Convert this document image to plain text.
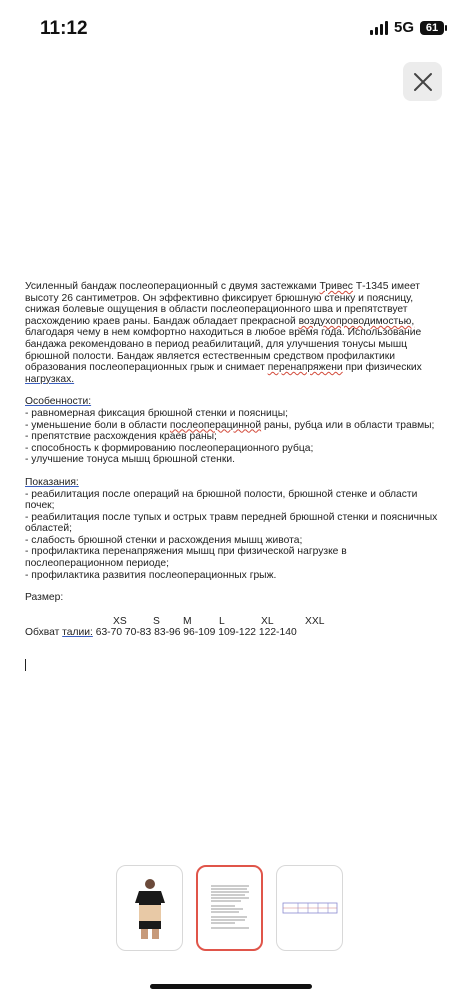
11:12	5G 61

Усиленный бандаж послеоперационный с двумя застежками Тривес Т-1345 имеет высоту 26 сантиметров. Он эффективно фиксирует брюшную стенку и поясницу, снижая болевые ощущения в области послеоперационного шва и препятствует расхождению краев раны. Бандаж обладает прекрасной воздухопроводимостью, благодаря чему в нем комфортно находиться в любое время года. Использование бандажа рекомендовано в период реабилитаций, для улучшения тонусы мышц брюшной полости. Бандаж является естественным средством профилактики образования послеоперационных грыж и снимает перенапряжени при физических нагрузках.

Особенности:

- равномерная фиксация брюшной стенки и поясницы;

- уменьшение боли в области послеоперацинной раны, рубца или в области травмы;

- препятствие расхождения краев раны;

- способность к формированию послеоперационного рубца;

- улучшение тонуса мышц брюшной стенки.

Показания:

- реабилитация после операций на брюшной полости, брюшной стенке и области почек;

- реабилитация после тупых и острых травм передней брюшной стенки и поясничных областей;

- слабость брюшной стенки и расхождения мышц живота;

- профилактика перенапряжения мышц при физической нагрузке в послеоперационном периоде;

- профилактика развития послеоперационных грыж.

Размер:

XS	S	M	L	XL	XXL

Обхват талии: 63-70 70-83 83-96 96-109 109-122 122-140
